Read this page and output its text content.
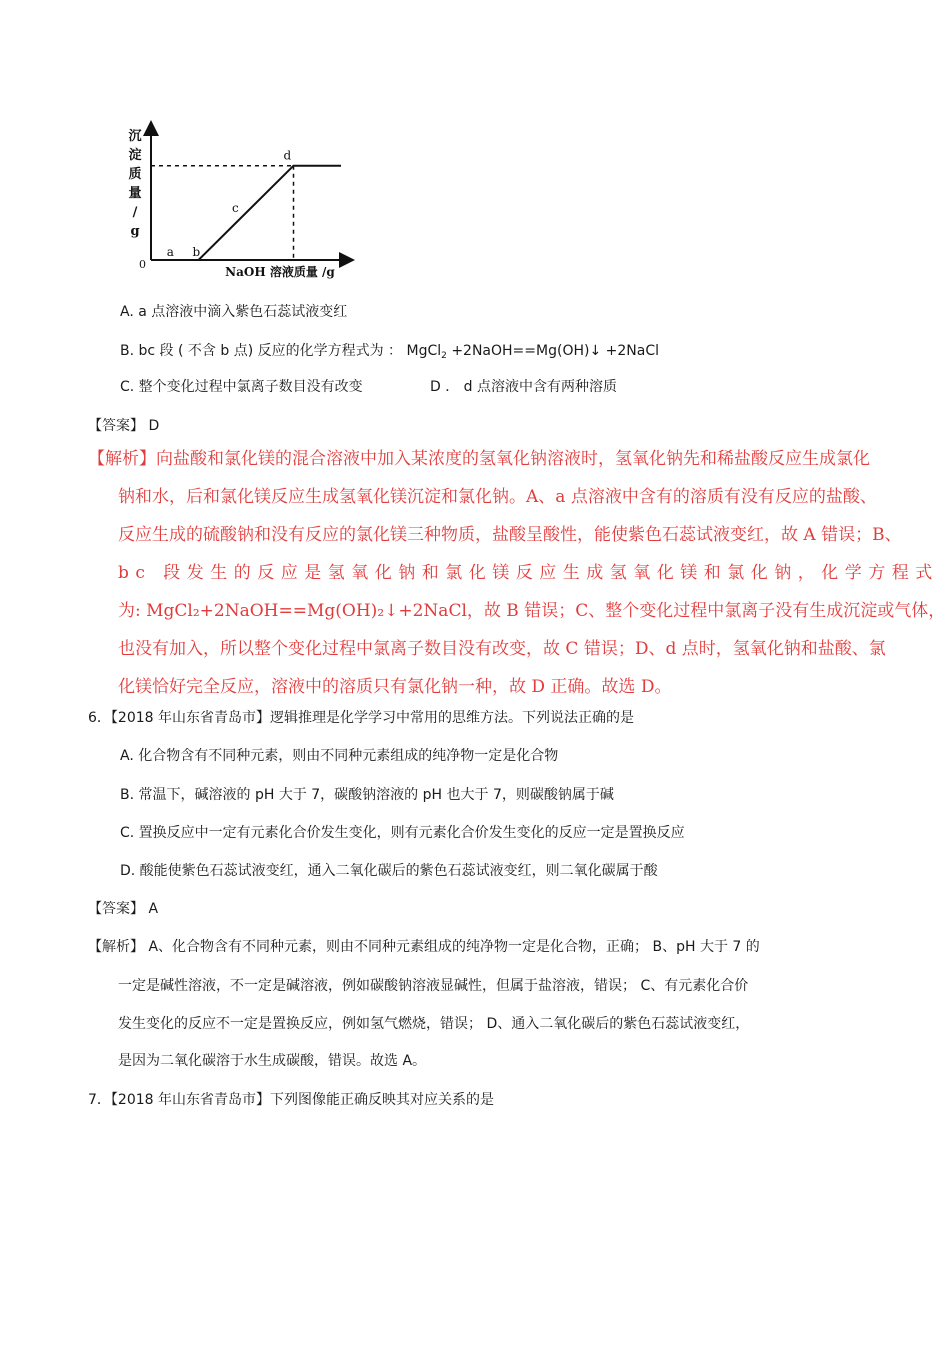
沉
淀
质
量
/
g
0
NaOH 溶液质量 /g
a b
c
d
A. a 点溶液中滴入紫色石蕊试液变红
B. bc 段 ( 不含 b 点) 反应的化学方程式为 ： MgCl$_2$ +2NaOH==Mg(OH)↓ +2NaCl
C. 整个变化过程中氯离子数目没有改变	D ． d 点溶液中含有两种溶质
【答案】 D
【解析】向盐酸和氯化镁的混合溶液中加入某浓度的氢氧化钠溶液时，氢氧化钠先和稀盐酸反应生成氯化
钠和水，后和氯化镁反应生成氢氧化镁沉淀和氯化钠。A、a 点溶液中含有的溶质有没有反应的盐酸、
反应生成的硫酸钠和没有反应的氯化镁三种物质，盐酸呈酸性，能使紫色石蕊试液变红，故 A 错误；B、
bc 段发生的反应是氢氧化钠和氯化镁反应生成氢氧化镁和氯化钠，化学方程式
为: MgCl₂+2NaOH==Mg(OH)₂↓+2NaCl，故 B 错误；C、整个变化过程中氯离子没有生成沉淀或气体，
也没有加入，所以整个变化过程中氯离子数目没有改变，故 C 错误；D、d 点时，氢氧化钠和盐酸、氯
化镁恰好完全反应，溶液中的溶质只有氯化钠一种，故 D 正确。故选 D。
6．【2018 年山东省青岛市】逻辑推理是化学学习中常用的思维方法。下列说法正确的是
A. 化合物含有不同种元素，则由不同种元素组成的纯净物一定是化合物
B. 常温下，碱溶液的 pH 大于 7，碳酸钠溶液的 pH 也大于 7，则碳酸钠属于碱
C. 置换反应中一定有元素化合价发生变化，则有元素化合价发生变化的反应一定是置换反应
D. 酸能使紫色石蕊试液变红，通入二氧化碳后的紫色石蕊试液变红，则二氧化碳属于酸
【答案】 A
【解析】 A、化合物含有不同种元素，则由不同种元素组成的纯净物一定是化合物，正确； B、pH 大于 7 的
一定是碱性溶液，不一定是碱溶液，例如碳酸钠溶液显碱性，但属于盐溶液，错误； C、有元素化合价
发生变化的反应不一定是置换反应，例如氢气燃烧，错误； D、通入二氧化碳后的紫色石蕊试液变红，
是因为二氧化碳溶于水生成碳酸，错误。故选 A。
7．【2018 年山东省青岛市】下列图像能正确反映其对应关系的是
